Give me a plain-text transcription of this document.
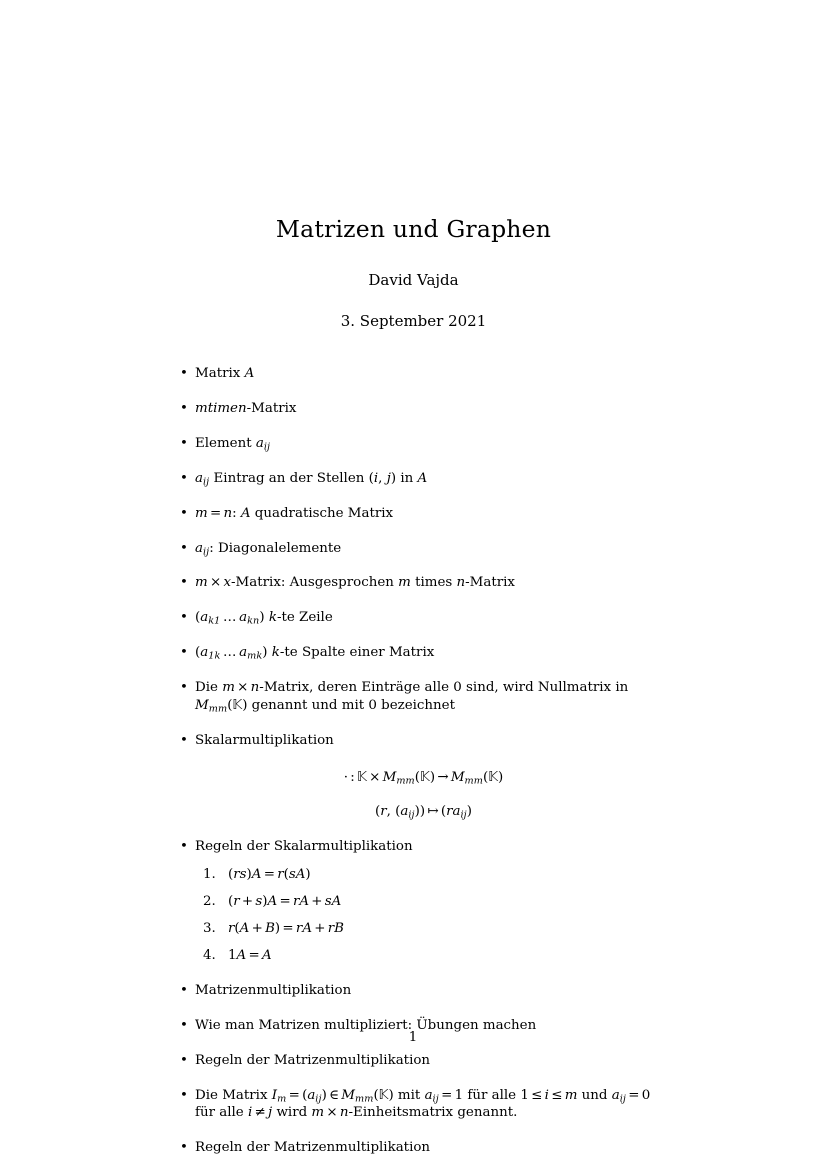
Matrizen und Graphen

David Vajda

3. September 2021

• Matrix A
• mtimen-Matrix
• Element $a_{ij}$
• $a_{ij}$ Eintrag an der Stellen (i, j) in A
• m = n: A quadratische Matrix
• $a_{ij}$: Diagonalelemente
• m × x-Matrix: Ausgesprochen m times n-Matrix
• ($a_{k1}$ … $a_{kn}$) k-te Zeile
• ($a_{1k}$ … $a_{mk}$) k-te Spalte einer Matrix
• Die m × n-Matrix, deren Einträge alle 0 sind, wird Nullmatrix in $M_{mm}(𝕂)$ genannt und mit 0 bezeichnet
• Skalarmultiplikation

· : 𝕂 × $M_{mm}(𝕂)$ → $M_{mm}(𝕂)$

(r, $(a_{ij})$) ↦ $(ra_{ij})$

• Regeln der Skalarmultiplikation
1. (rs)A = r(sA)
2. (r + s)A = rA + sA
3. r(A + B) = rA + rB
4. 1A = A
• Matrizenmultiplikation
• Wie man Matrizen multipliziert: Übungen machen
• Regeln der Matrizenmultiplikation
• Die Matrix $I_m = (a_{ij})$ ∈ $M_{mm}(𝕂)$ mit $a_{ij} = 1$ für alle 1 ≤ i ≤ m und $a_{ij} = 0$ für alle i ≠ j wird m × n-Einheitsmatrix genannt.
• Regeln der Matrizenmultiplikation
1
